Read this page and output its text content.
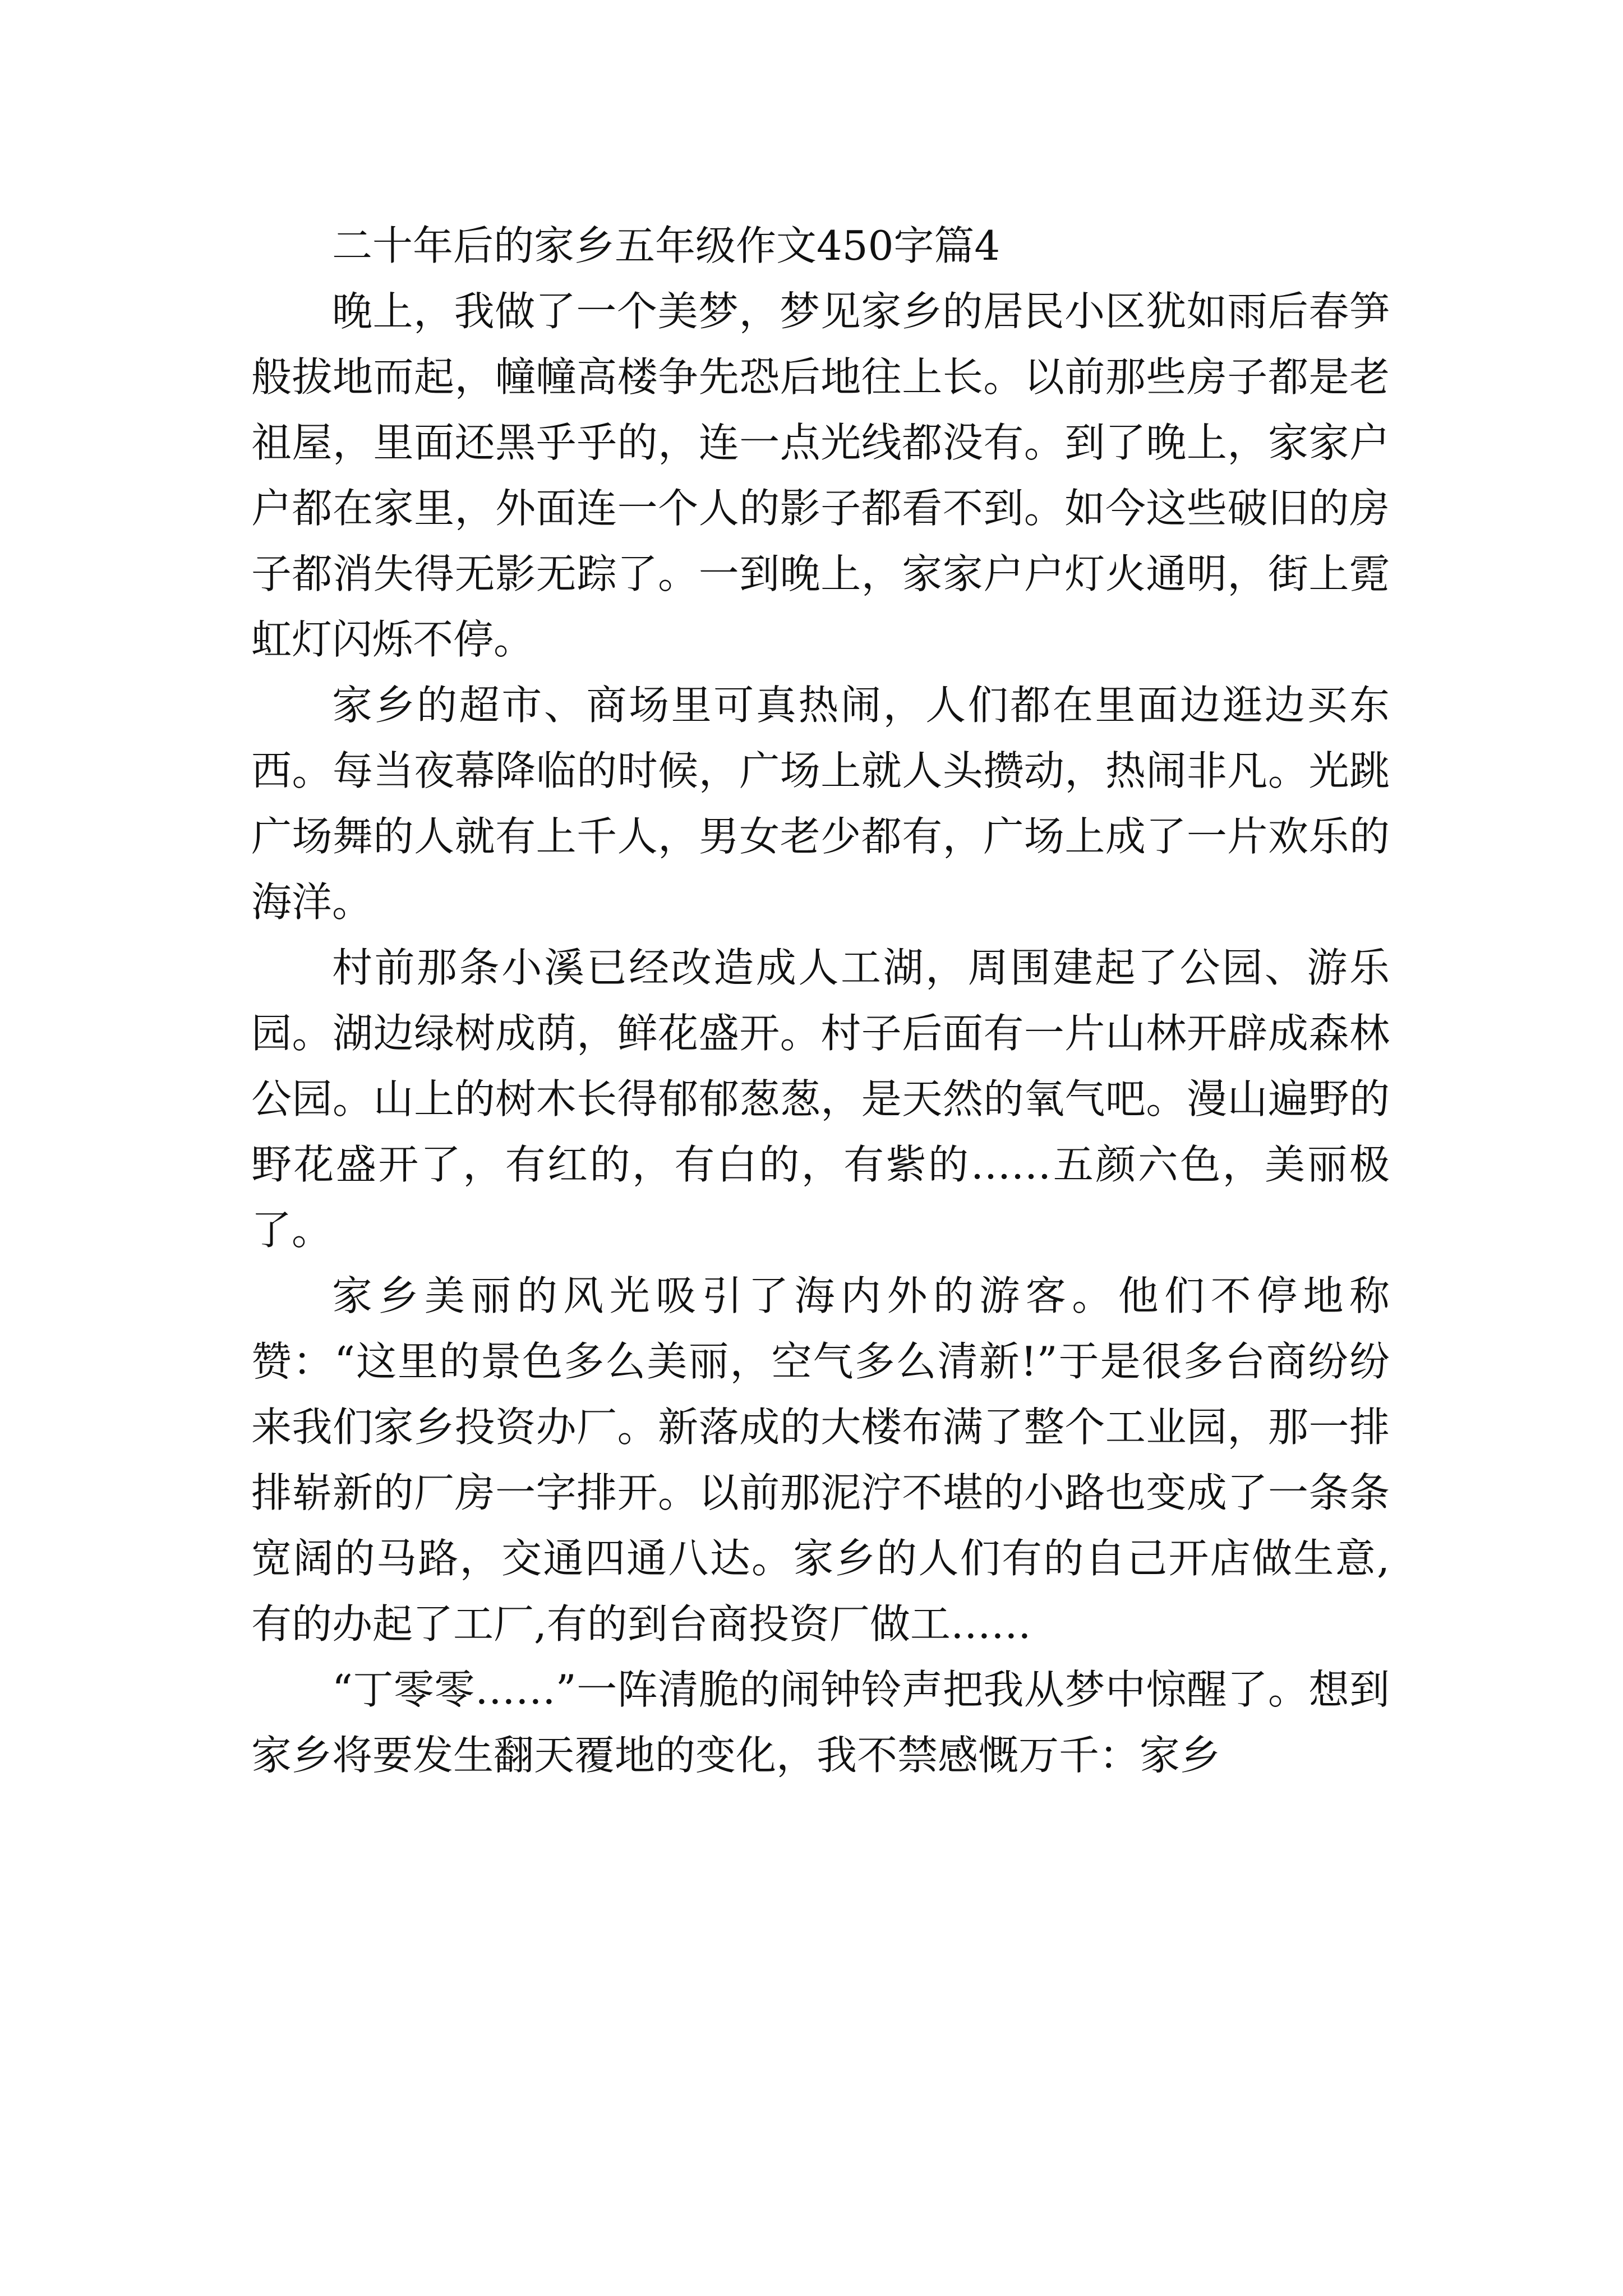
二十年后的家乡五年级作文450字篇4

晚上，我做了一个美梦，梦见家乡的居民小区犹如雨后春笋般拔地而起，幢幢高楼争先恐后地往上长。以前那些房子都是老祖屋，里面还黑乎乎的，连一点光线都没有。到了晚上，家家户户都在家里，外面连一个人的影子都看不到。如今这些破旧的房子都消失得无影无踪了。一到晚上，家家户户灯火通明，街上霓虹灯闪烁不停。

家乡的超市、商场里可真热闹，人们都在里面边逛边买东西。每当夜幕降临的时候，广场上就人头攒动，热闹非凡。光跳广场舞的人就有上千人，男女老少都有，广场上成了一片欢乐的海洋。

村前那条小溪已经改造成人工湖，周围建起了公园、游乐园。湖边绿树成荫，鲜花盛开。村子后面有一片山林开辟成森林公园。山上的树木长得郁郁葱葱，是天然的氧气吧。漫山遍野的野花盛开了，有红的，有白的，有紫的……五颜六色，美丽极了。

家乡美丽的风光吸引了海内外的游客。他们不停地称赞：“这里的景色多么美丽，空气多么清新!”于是很多台商纷纷来我们家乡投资办厂。新落成的大楼布满了整个工业园，那一排排崭新的厂房一字排开。以前那泥泞不堪的小路也变成了一条条宽阔的马路，交通四通八达。家乡的人们有的自己开店做生意,有的办起了工厂,有的到台商投资厂做工……

“丁零零……”一阵清脆的闹钟铃声把我从梦中惊醒了。想到家乡将要发生翻天覆地的变化，我不禁感慨万千：家乡
